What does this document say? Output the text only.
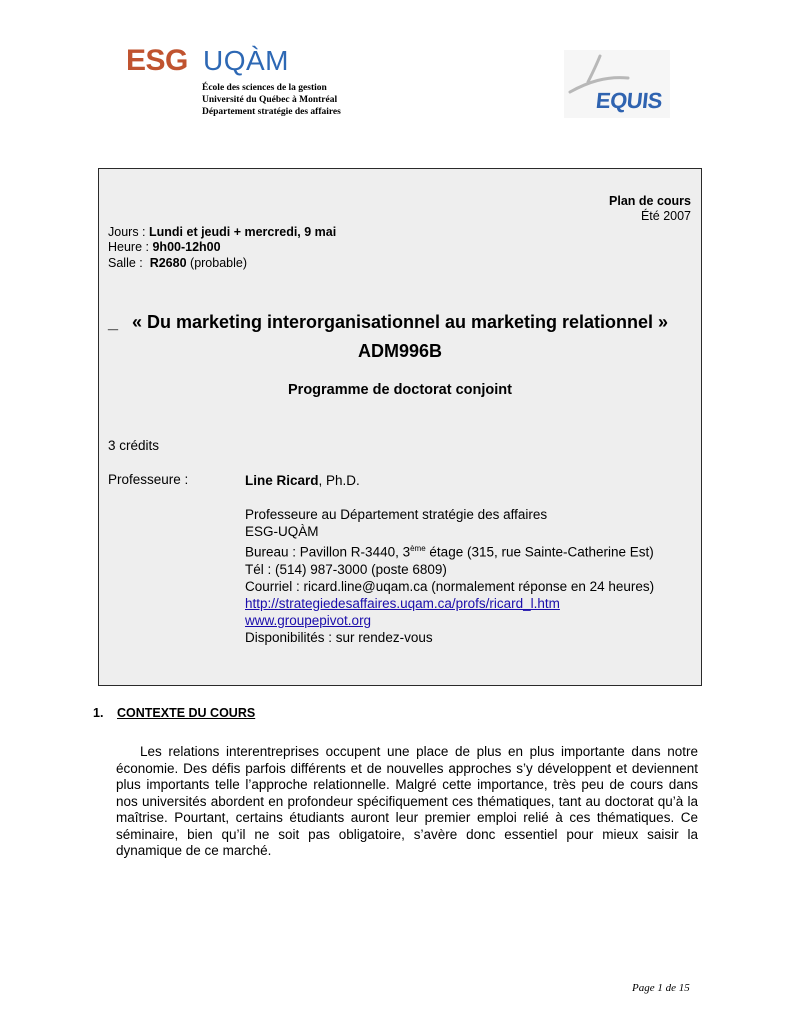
ESG UQÀM
École des sciences de la gestion
Université du Québec à Montréal
Département stratégie des affaires	EQUIS
Plan de cours
Été 2007
Jours : Lundi et jeudi + mercredi, 9 mai
Heure : 9h00-12h00
Salle : R2680 (probable)
_ « Du marketing interorganisationnel au marketing relationnel »
ADM996B
Programme de doctorat conjoint
3 crédits
Professeure :	Line Ricard, Ph.D.
Professeure au Département stratégie des affaires
ESG-UQÀM
Bureau : Pavillon R-3440, 3ème étage (315, rue Sainte-Catherine Est)
Tél : (514) 987-3000 (poste 6809)
Courriel : ricard.line@uqam.ca (normalement réponse en 24 heures)
http://strategiedesaffaires.uqam.ca/profs/ricard_l.htm
www.groupepivot.org
Disponibilités : sur rendez-vous
1. CONTEXTE DU COURS
Les relations interentreprises occupent une place de plus en plus importante dans notre économie. Des défis parfois différents et de nouvelles approches s’y développent et deviennent plus importants telle l’approche relationnelle. Malgré cette importance, très peu de cours dans nos universités abordent en profondeur spécifiquement ces thématiques, tant au doctorat qu’à la maîtrise. Pourtant, certains étudiants auront leur premier emploi relié à ces thématiques. Ce séminaire, bien qu’il ne soit pas obligatoire, s’avère donc essentiel pour mieux saisir la dynamique de ce marché.
Page 1 de 15
